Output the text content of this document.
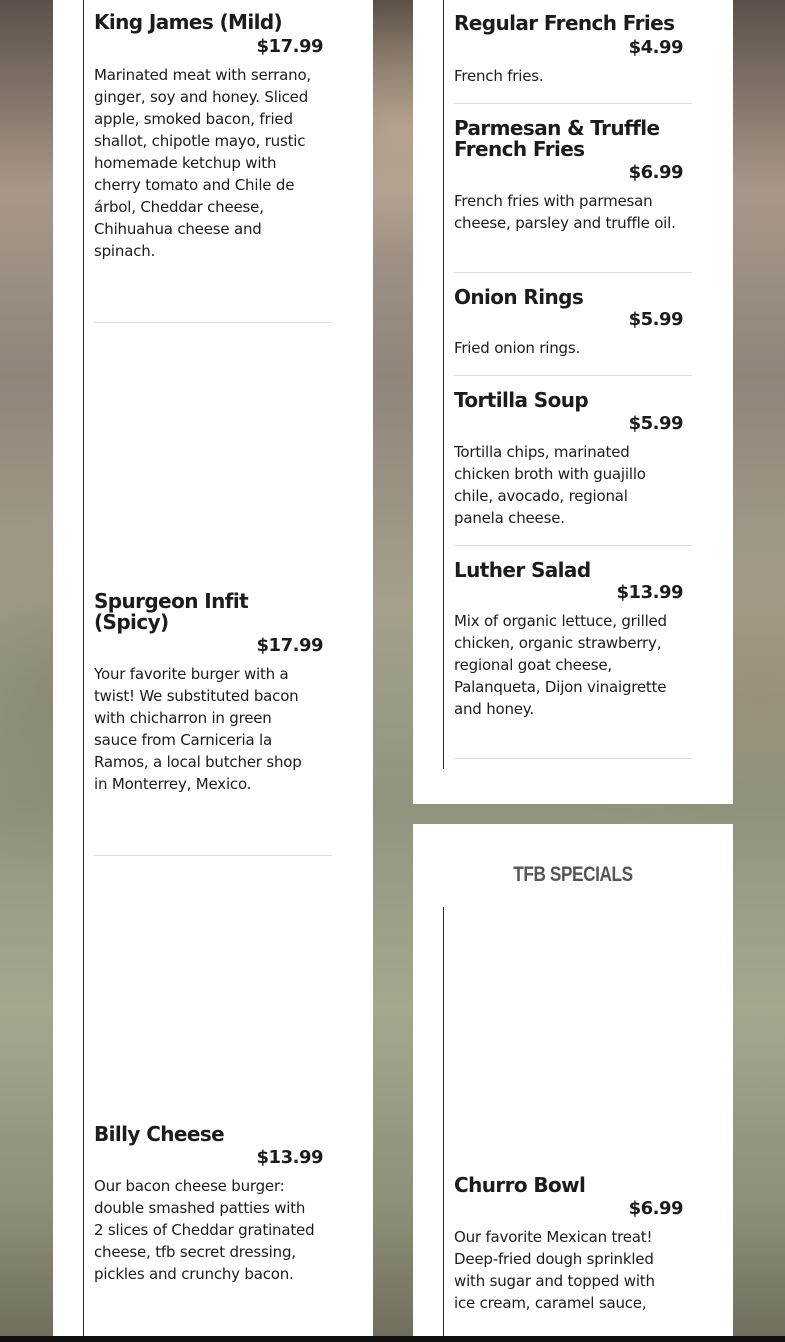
King James (Mild)
$17.99
Marinated meat with serrano, ginger, soy and honey. Sliced apple, smoked bacon, fried shallot, chipotle mayo, rustic homemade ketchup with cherry tomato and Chile de árbol, Cheddar cheese, Chihuahua cheese and spinach.
Spurgeon Infit (Spicy)
$17.99
Your favorite burger with a twist! We substituted bacon with chicharron in green sauce from Carniceria la Ramos, a local butcher shop in Monterrey, Mexico.
Billy Cheese
$13.99
Our bacon cheese burger: double smashed patties with 2 slices of Cheddar gratinated cheese, tfb secret dressing, pickles and crunchy bacon.
Regular French Fries
$4.99
French fries.
Parmesan & Truffle French Fries
$6.99
French fries with parmesan cheese, parsley and truffle oil.
Onion Rings
$5.99
Fried onion rings.
Tortilla Soup
$5.99
Tortilla chips, marinated chicken broth with guajillo chile, avocado, regional panela cheese.
Luther Salad
$13.99
Mix of organic lettuce, grilled chicken, organic strawberry, regional goat cheese, Palanqueta, Dijon vinaigrette and honey.
TFB SPECIALS
Churro Bowl
$6.99
Our favorite Mexican treat! Deep-fried dough sprinkled with sugar and topped with ice cream, caramel sauce,
